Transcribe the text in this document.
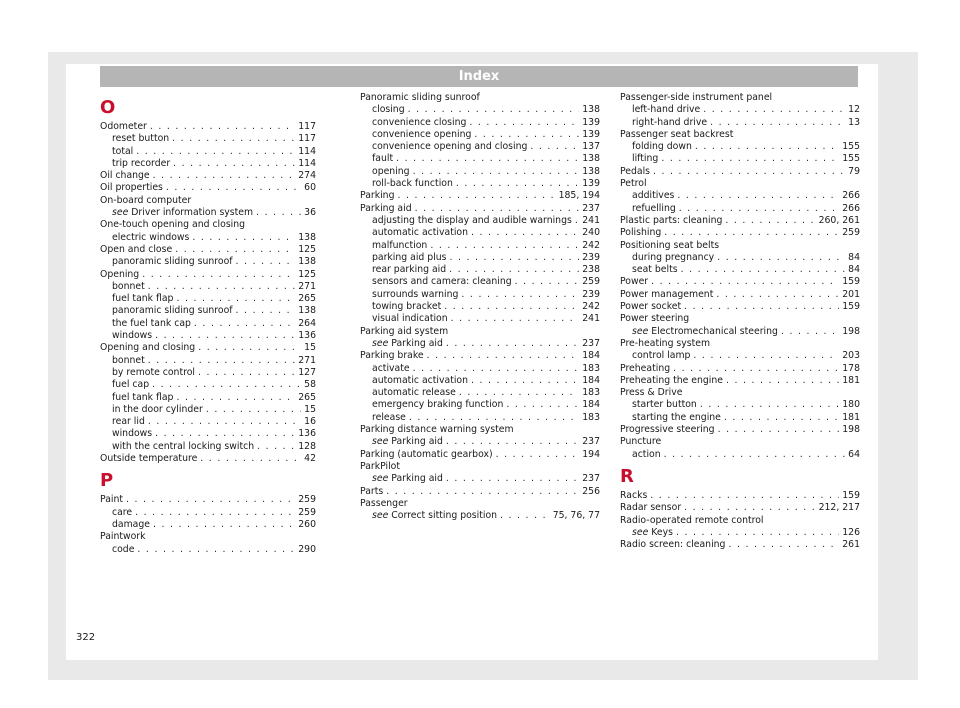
Index
O
Odometer . . .	117
reset button . . .	117
total . . .	114
trip recorder . . .	114
Oil change . . .	274
Oil properties . . .	60
On-board computer
see Driver information system . . .	36
One-touch opening and closing
electric windows . . .	138
Open and close . . .	125
panoramic sliding sunroof . . .	138
Opening . . .	125
bonnet . . .	271
fuel tank flap . . .	265
panoramic sliding sunroof . . .	138
the fuel tank cap . . .	264
windows . . .	136
Opening and closing . . .	15
bonnet . . .	271
by remote control . . .	127
fuel cap . . .	58
fuel tank flap . . .	265
in the door cylinder . . .	15
rear lid . . .	16
windows . . .	136
with the central locking switch . . .	128
Outside temperature . . .	42
P
Paint . . .	259
care . . .	259
damage . . .	260
Paintwork
code . . .	290
Panoramic sliding sunroof
closing . . .	138
convenience closing . . .	139
convenience opening . . .	139
convenience opening and closing . . .	137
fault . . .	138
opening . . .	138
roll-back function . . .	139
Parking . . .	185, 194
Parking aid . . .	237
adjusting the display and audible warnings . . . 241
automatic activation . . .	240
malfunction . . .	242
parking aid plus . . .	239
rear parking aid . . .	238
sensors and camera: cleaning . . .	259
surrounds warning . . .	239
towing bracket . . .	242
visual indication . . .	241
Parking aid system
see Parking aid . . .	237
Parking brake . . .	184
activate . . .	183
automatic activation . . .	184
automatic release . . .	183
emergency braking function . . .	184
release . . .	183
Parking distance warning system
see Parking aid . . .	237
Parking (automatic gearbox) . . .	194
ParkPilot
see Parking aid . . .	237
Parts . . .	256
Passenger
see Correct sitting position . . .	75, 76, 77
Passenger-side instrument panel
left-hand drive . . .	12
right-hand drive . . .	13
Passenger seat backrest
folding down . . .	155
lifting . . .	155
Pedals . . .	79
Petrol
additives . . .	266
refuelling . . .	266
Plastic parts: cleaning . . .	260, 261
Polishing . . .	259
Positioning seat belts
during pregnancy . . .	84
seat belts . . .	84
Power . . .	159
Power management . . .	201
Power socket . . .	159
Power steering
see Electromechanical steering . . .	198
Pre-heating system
control lamp . . .	203
Preheating . . .	178
Preheating the engine . . .	181
Press & Drive
starter button . . .	180
starting the engine . . .	181
Progressive steering . . .	198
Puncture
action . . .	64
R
Racks . . .	159
Radar sensor . . .	212, 217
Radio-operated remote control
see Keys . . .	126
Radio screen: cleaning . . .	261
322
